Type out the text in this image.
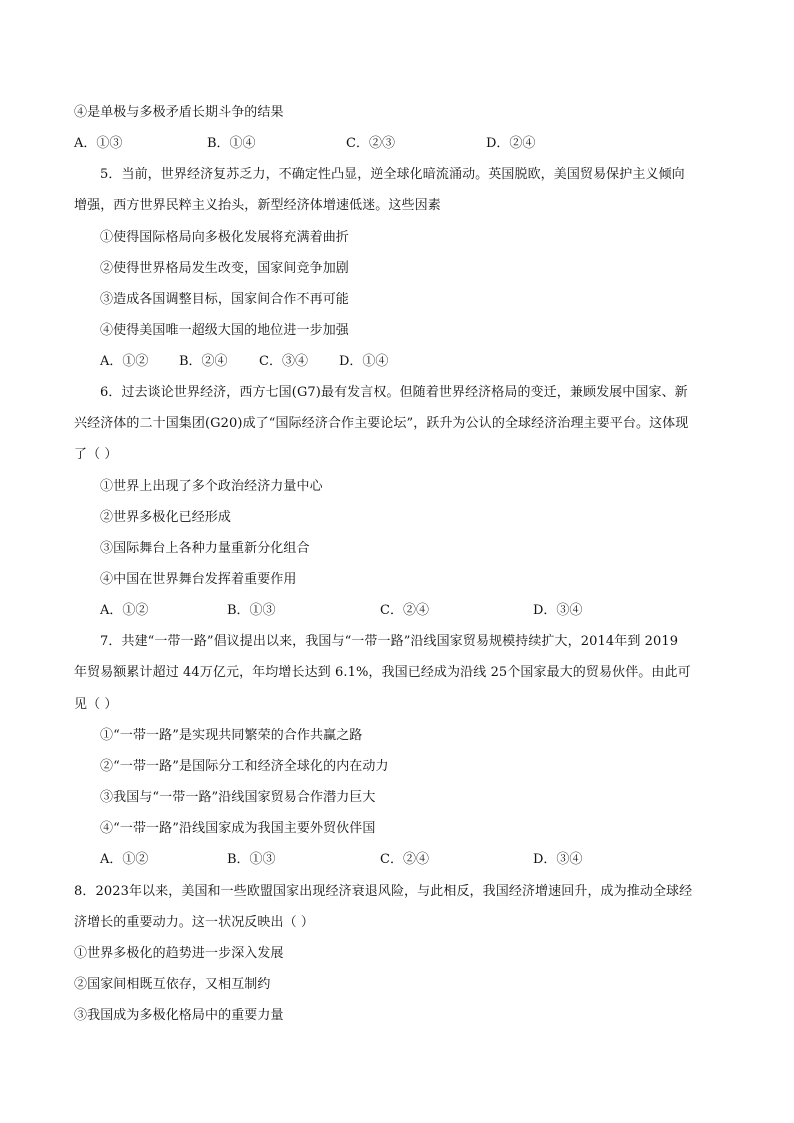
④是单极与多极矛盾长期斗争的结果
A．①③	B．①④	C．②③	D．②④
5．当前，世界经济复苏乏力，不确定性凸显，逆全球化暗流涌动。英国脱欧，美国贸易保护主义倾向
增强，西方世界民粹主义抬头，新型经济体增速低迷。这些因素
①使得国际格局向多极化发展将充满着曲折
②使得世界格局发生改变，国家间竞争加剧
③造成各国调整目标，国家间合作不再可能
④使得美国唯一超级大国的地位进一步加强
A．①② B．②④ C．③④ D．①④
6．过去谈论世界经济，西方七国(G7)最有发言权。但随着世界经济格局的变迁，兼顾发展中国家、新
兴经济体的二十国集团(G20)成了“国际经济合作主要论坛”，跃升为公认的全球经济治理主要平台。这体现
了（ ）
①世界上出现了多个政治经济力量中心
②世界多极化已经形成
③国际舞台上各种力量重新分化组合
④中国在世界舞台发挥着重要作用
A．①②	B．①③	C．②④	D．③④
7．共建“一带一路”倡议提出以来，我国与“一带一路”沿线国家贸易规模持续扩大，2014年到 2019
年贸易额累计超过 44万亿元，年均增长达到 6.1%，我国已经成为沿线 25个国家最大的贸易伙伴。由此可
见（ ）
①“一带一路”是实现共同繁荣的合作共赢之路
②“一带一路”是国际分工和经济全球化的内在动力
③我国与“一带一路”沿线国家贸易合作潜力巨大
④“一带一路”沿线国家成为我国主要外贸伙伴国
A．①②	B．①③	C．②④	D．③④
8．2023年以来，美国和一些欧盟国家出现经济衰退风险，与此相反，我国经济增速回升，成为推动全球经
济增长的重要动力。这一状况反映出（ ）
①世界多极化的趋势进一步深入发展
②国家间相既互依存，又相互制约
③我国成为多极化格局中的重要力量
